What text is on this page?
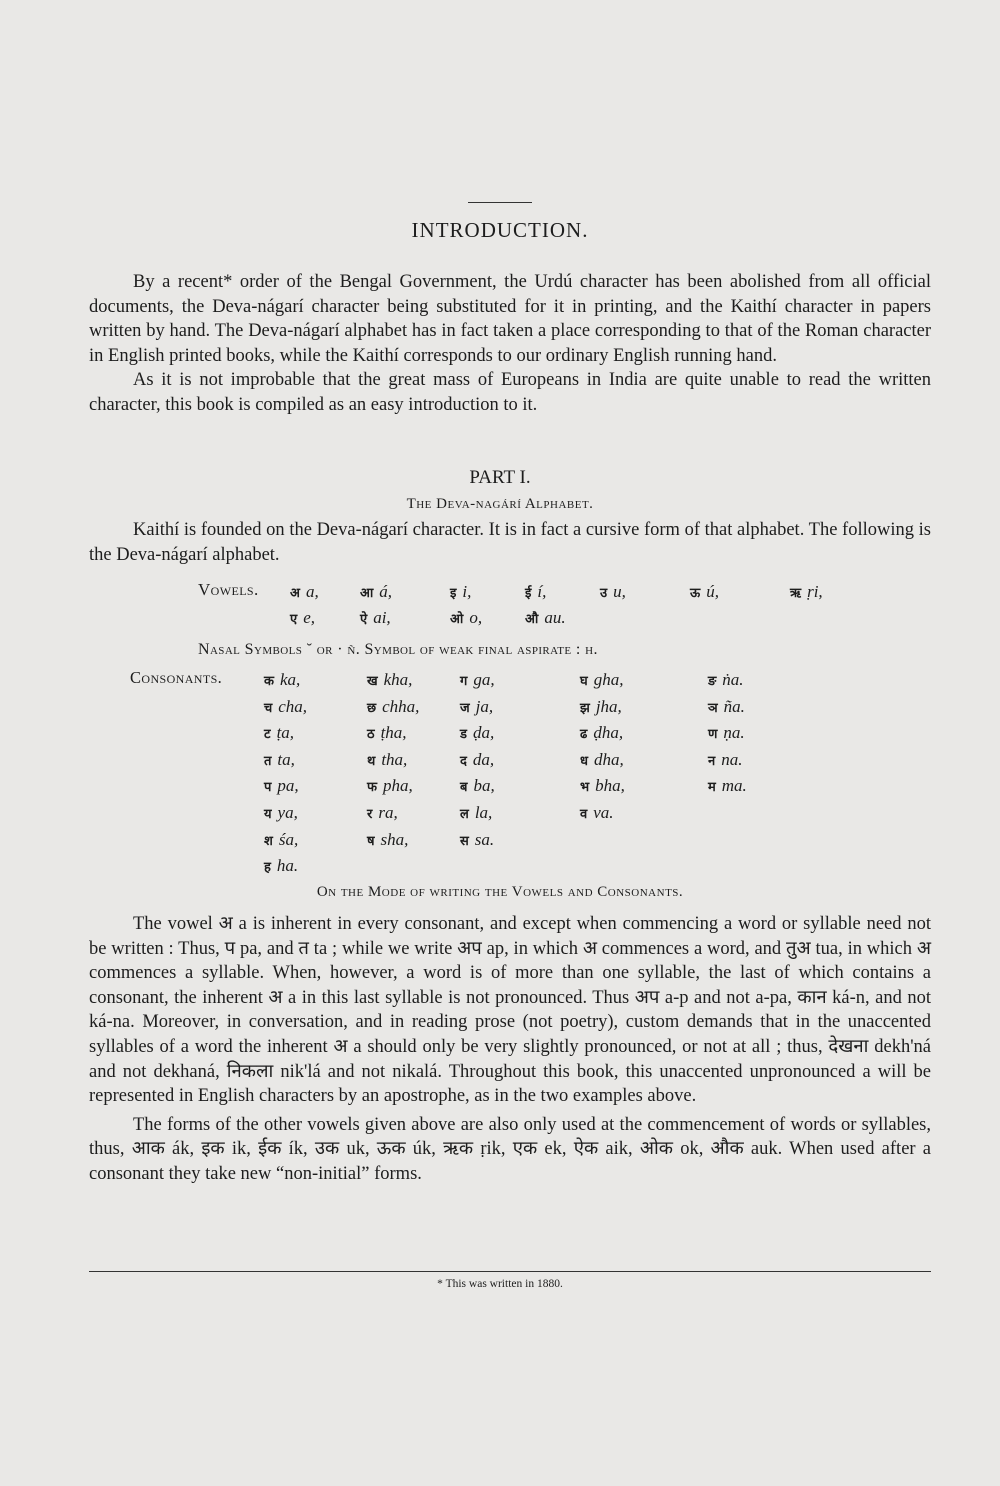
INTRODUCTION.

By a recent* order of the Bengal Government, the Urdú character has been abolished from all official documents, the Deva-nágarí character being substituted for it in printing, and the Kaithí character in papers written by hand. The Deva-nágarí alphabet has in fact taken a place corresponding to that of the Roman character in English printed books, while the Kaithí corresponds to our ordinary English running hand.

As it is not improbable that the great mass of Europeans in India are quite unable to read the written character, this book is compiled as an easy introduction to it.

PART I.
The Deva-nagárí Alphabet.

Kaithí is founded on the Deva-nágarí character. It is in fact a cursive form of that alphabet. The following is the Deva-nágarí alphabet.

Vowels. अ a,	आ á,	इ i,	ई í,	उ u,	ऊ ú,	ऋ ṛi,
ए e,	ऐ ai,	ओ o,	औ au.
Nasal Symbols ˘ or · ñ. Symbol of weak final aspirate : h.
Consonants.	क ka,	ख kha,	ग ga,	घ gha,	ङ ṅa.
च cha,	छ chha,	ज ja,	झ jha,	ञ ña.
ट ṭa,	ठ ṭha,	ड ḍa,	ढ ḍha,	ण ṇa.
त ta,	थ tha,	द da,	ध dha,	न na.
प pa,	फ pha,	ब ba,	भ bha,	म ma.
य ya,	र ra,	ल la,	व va.
श śa,	ष sha,	स sa.
ह ha.
On the Mode of writing the Vowels and Consonants.

The vowel अ a is inherent in every consonant, and except when commencing a word or syllable need not be written : Thus, प pa, and त ta ; while we write अप ap, in which अ commences a word, and तुअ tua, in which अ commences a syllable. When, however, a word is of more than one syllable, the last of which contains a consonant, the inherent अ a in this last syllable is not pronounced. Thus अप a-p and not a-pa, कान ká-n, and not ká-na. Moreover, in conversation, and in reading prose (not poetry), custom demands that in the unaccented syllables of a word the inherent अ a should only be very slightly pronounced, or not at all ; thus, देखना dekh'ná and not dekhaná, निकला nik'lá and not nikalá. Throughout this book, this unaccented unpronounced a will be represented in English characters by an apostrophe, as in the two examples above.

The forms of the other vowels given above are also only used at the commencement of words or syllables, thus, आक ák, इक ik, ईक ík, उक uk, ऊक úk, ऋक ṛik, एक ek, ऐक aik, ओक ok, औक auk. When used after a consonant they take new “non-initial” forms.

* This was written in 1880.
